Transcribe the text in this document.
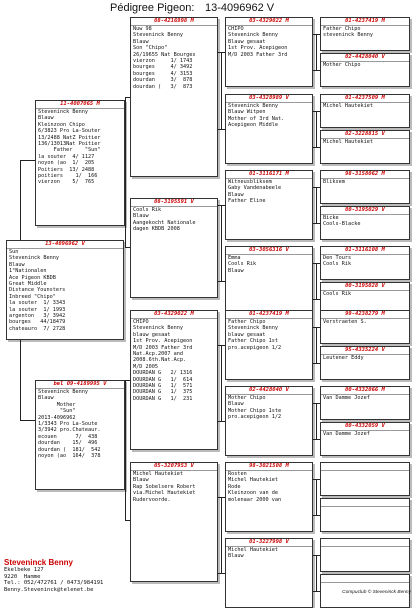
Pédigree Pigeon: 13-4096962 V
13-4096962 V
Sun
Steveninck Benny
Blauw
1°Nationalen
Ace Pigeon KBDB
Great Middle
Distance Younsters
Inbreed "Chipo"
la souter  1/ 3343
la souter  1/ 1993
argenton   3/ 3942
bourges   44/18479
chateauro  7/ 2728
11-4007065 M
Steveninck Benny
Blauw
Kleinzoon Chipo
6/3823 Pro La-Souter
13/2488 NatZ Poitier
136/13013Nat Poitier
Father    "Sun"
la souter  4/ 1127
noyon (ao  1/  205
Poitiers  13/ 2488
poitiers    1/  166
vierzon    5/  765
bel 09-4189995 V
Steveninck Benny
Blauw
Mother
"Sun"
2013-4096962
1/3343 Pro La-Soute
3/3942 pro.Chateaur.
ecouen      7/  438
dourdan    15/  496
dourdan (  181/  542
noyon (ao  164/  378
08-4216998 M
Nuw 98
Steveninck Benny
Blauw
Son "Chipo"
26/19655 Nat Bourges
vierzon     1/ 1743
bourges     4/ 3492
bourges     4/ 3153
dourdan     3/  878
dourdan (   3/  873
08-3195591 V
Cools Rik
Blauw
Aangekocht Nationale
dagen KBDB 2008
03-4329022 M
CHIPO
Steveninck Benny
blauw gesaat
1st Prov. Acepigeon
M/D 2003 Father 3rd
Nat.Acp.2007 and
2008.6th.Nat.Acp.
M/D 2005
DOURDAN G   2/ 1316
DOURDAN G   1/  614
DOURDAN G   1/  571
DOURDAN G   1/  375
DOURDAN G   1/  231
05-3207953 V
Michel Hautekiet
Blauw
Rap Sobelsere Robert
via.Michel Hautekiet
Rudervoorde.
03-4329022 M
CHIPO
Steveninck Benny
Blauw gesaat
1st Prov. Acepigeon
M/D 2003 Father 3rd
03-4328989 V
Steveninck Benny
Blauw Witpen
Mother of 3rd Nat.
Acepigeon Middle
01-3116171 M
Witneusbliksem
Gaby Vandenabeele
Blauw
Father Eline
03-3056316 V
Emma
Cools Rik
Blauw
01-4237419 M
Father Chipo
Steveninck Benny
blauw gesaat
Father Chipo 1st
pro.acepigeon 1/2
02-4428040 V
Mother Chipo
Blauw
Mother Chipo 1ste
pro.acepigeon 1/2
98-3021508 M
Rosten
Michel Hautekiet
Rode
Kleinzoon van de
molenaar 2000 van
01-3227998 V
Michel Hautekiet
Blauw
01-4237419 M
Father Chipo
steveninck Benny
02-4428040 V
Mother Chipo
01-4237509 M
Michel Hautekiet
02-3228815 V
Michel Hautekiet
98-3158062 M
Bliksem
00-3195029 V
Bicke
Cools-Blacke
01-3116108 M
Den Tours
Cools Rik
00-3195028 V
Cools Rik
99-4238279 M
Verstraeten S.
95-4335224 V
Leutener Eddy
00-4332066 M
Van Damme Jozef
00-4332059 V
Van Damme Jozef
Steveninck Benny
Ekelbeke 127
9220  Hamme
Tel.: 052/472761 / 0473/984191
Benny.Steveninck@telenet.be	Compuclub © Steveninck Benny
